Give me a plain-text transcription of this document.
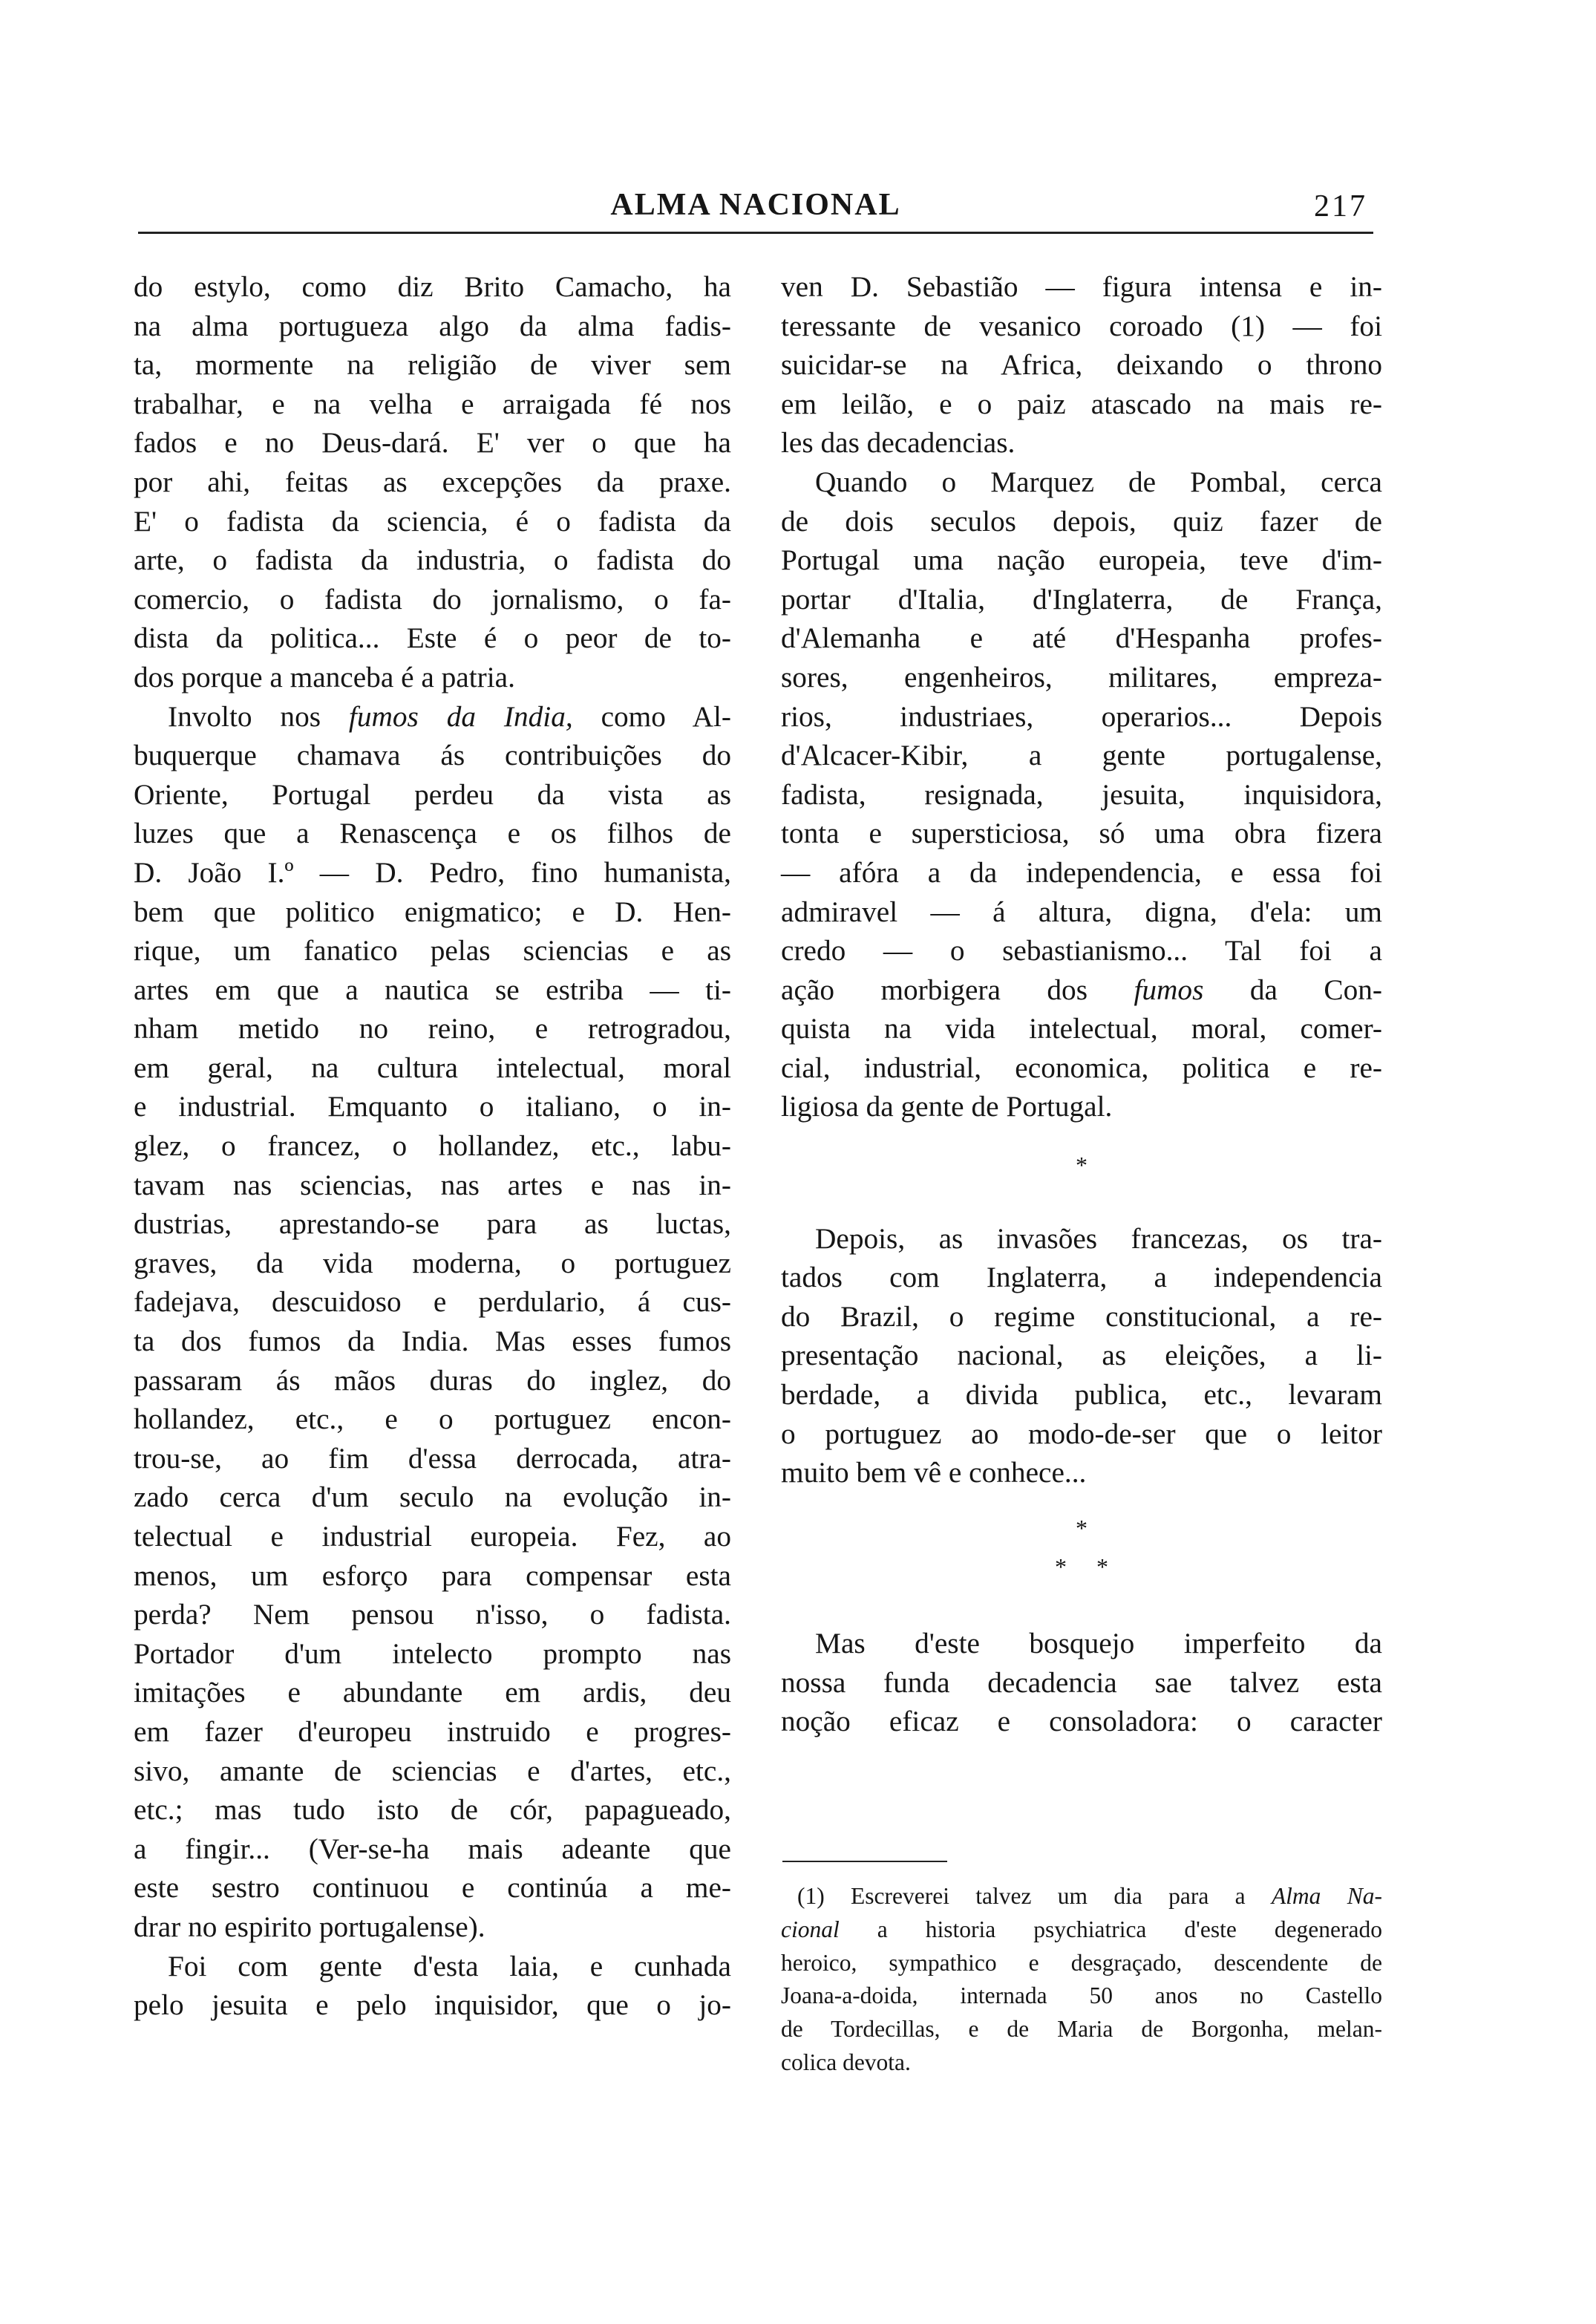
ALMA NACIONAL	217
do estylo, como diz Brito Camacho, ha
na alma portugueza algo da alma fadis-
ta, mormente na religião de viver sem
trabalhar, e na velha e arraigada fé nos
fados e no Deus-dará. E' ver o que ha
por ahi, feitas as excepções da praxe.
E' o fadista da sciencia, é o fadista da
arte, o fadista da industria, o fadista do
comercio, o fadista do jornalismo, o fa-
dista da politica... Este é o peor de to-
dos porque a manceba é a patria.
Involto nos fumos da India, como Al-
buquerque chamava ás contribuições do
Oriente, Portugal perdeu da vista as
luzes que a Renascença e os filhos de
D. João I.º — D. Pedro, fino humanista,
bem que politico enigmatico; e D. Hen-
rique, um fanatico pelas sciencias e as
artes em que a nautica se estriba — ti-
nham metido no reino, e retrogradou,
em geral, na cultura intelectual, moral
e industrial. Emquanto o italiano, o in-
glez, o francez, o hollandez, etc., labu-
tavam nas sciencias, nas artes e nas in-
dustrias, aprestando-se para as luctas,
graves, da vida moderna, o portuguez
fadejava, descuidoso e perdulario, á cus-
ta dos fumos da India. Mas esses fumos
passaram ás mãos duras do inglez, do
hollandez, etc., e o portuguez encon-
trou-se, ao fim d'essa derrocada, atra-
zado cerca d'um seculo na evolução in-
telectual e industrial europeia. Fez, ao
menos, um esforço para compensar esta
perda? Nem pensou n'isso, o fadista.
Portador d'um intelecto prompto nas
imitações e abundante em ardis, deu
em fazer d'europeu instruido e progres-
sivo, amante de sciencias e d'artes, etc.,
etc.; mas tudo isto de cór, papagueado,
a fingir... (Ver-se-ha mais adeante que
este sestro continuou e continúa a me-
drar no espirito portugalense).
Foi com gente d'esta laia, e cunhada
pelo jesuita e pelo inquisidor, que o jo-
ven D. Sebastião — figura intensa e in-
teressante de vesanico coroado (1) — foi
suicidar-se na Africa, deixando o throno
em leilão, e o paiz atascado na mais re-
les das decadencias.
Quando o Marquez de Pombal, cerca
de dois seculos depois, quiz fazer de
Portugal uma nação europeia, teve d'im-
portar d'Italia, d'Inglaterra, de França,
d'Alemanha e até d'Hespanha profes-
sores, engenheiros, militares, empreza-
rios, industriaes, operarios... Depois
d'Alcacer-Kibir, a gente portugalense,
fadista, resignada, jesuita, inquisidora,
tonta e supersticiosa, só uma obra fizera
— afóra a da independencia, e essa foi
admiravel — á altura, digna, d'ela: um
credo — o sebastianismo... Tal foi a
ação morbigera dos fumos da Con-
quista na vida intelectual, moral, comer-
cial, industrial, economica, politica e re-
ligiosa da gente de Portugal.
*
Depois, as invasões francezas, os tra-
tados com Inglaterra, a independencia
do Brazil, o regime constitucional, a re-
presentação nacional, as eleições, a li-
berdade, a divida publica, etc., levaram
o portuguez ao modo-de-ser que o leitor
muito bem vê e conhece...
*
*     *
Mas d'este bosquejo imperfeito da
nossa funda decadencia sae talvez esta
noção eficaz e consoladora: o caracter
(1) Escreverei talvez um dia para a Alma Na-
cional a historia psychiatrica d'este degenerado
heroico, sympathico e desgraçado, descendente de
Joana-a-doida, internada 50 anos no Castello
de Tordecillas, e de Maria de Borgonha, melan-
colica devota.
